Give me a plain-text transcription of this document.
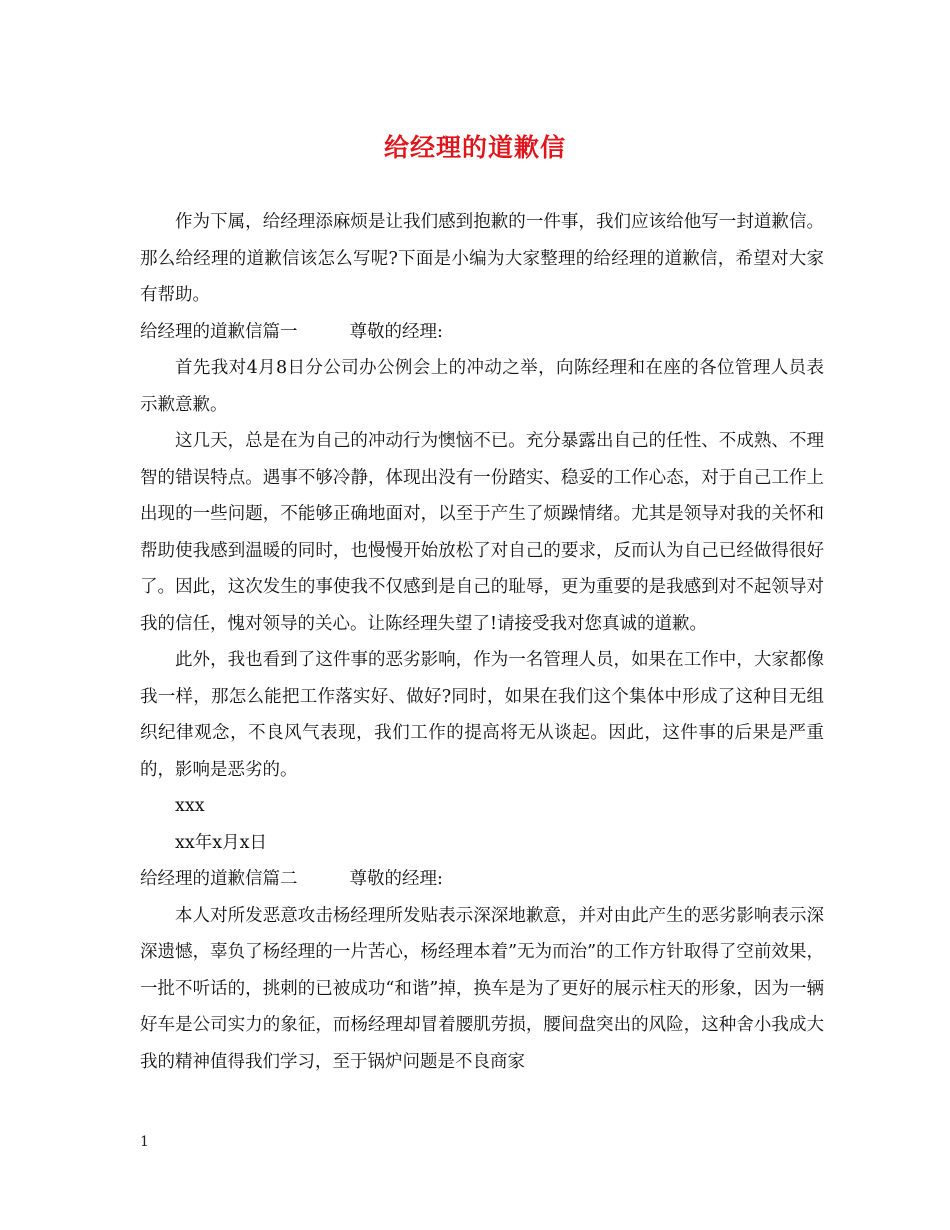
给经理的道歉信

作为下属，给经理添麻烦是让我们感到抱歉的一件事，我们应该给他写一封道歉信。那么给经理的道歉信该怎么写呢?下面是小编为大家整理的给经理的道歉信，希望对大家有帮助。

给经理的道歉信篇一	尊敬的经理:

首先我对4月8日分公司办公例会上的冲动之举，向陈经理和在座的各位管理人员表示歉意歉。

这几天，总是在为自己的冲动行为懊恼不已。充分暴露出自己的任性、不成熟、不理智的错误特点。遇事不够冷静，体现出没有一份踏实、稳妥的工作心态，对于自己工作上出现的一些问题，不能够正确地面对，以至于产生了烦躁情绪。尤其是领导对我的关怀和帮助使我感到温暖的同时，也慢慢开始放松了对自己的要求，反而认为自己已经做得很好了。因此，这次发生的事使我不仅感到是自己的耻辱，更为重要的是我感到对不起领导对我的信任，愧对领导的关心。让陈经理失望了!请接受我对您真诚的道歉。

此外，我也看到了这件事的恶劣影响，作为一名管理人员，如果在工作中，大家都像我一样，那怎么能把工作落实好、做好?同时，如果在我们这个集体中形成了这种目无组织纪律观念，不良风气表现，我们工作的提高将无从谈起。因此，这件事的后果是严重的，影响是恶劣的。

xxx

xx年x月x日

给经理的道歉信篇二	尊敬的经理:

本人对所发恶意攻击杨经理所发贴表示深深地歉意，并对由此产生的恶劣影响表示深深遗憾，辜负了杨经理的一片苦心，杨经理本着”无为而治”的工作方针取得了空前效果，一批不听话的，挑刺的已被成功“和谐”掉，换车是为了更好的展示柱天的形象，因为一辆好车是公司实力的象征，而杨经理却冒着腰肌劳损，腰间盘突出的风险，这种舍小我成大我的精神值得我们学习，至于锅炉问题是不良商家

1
